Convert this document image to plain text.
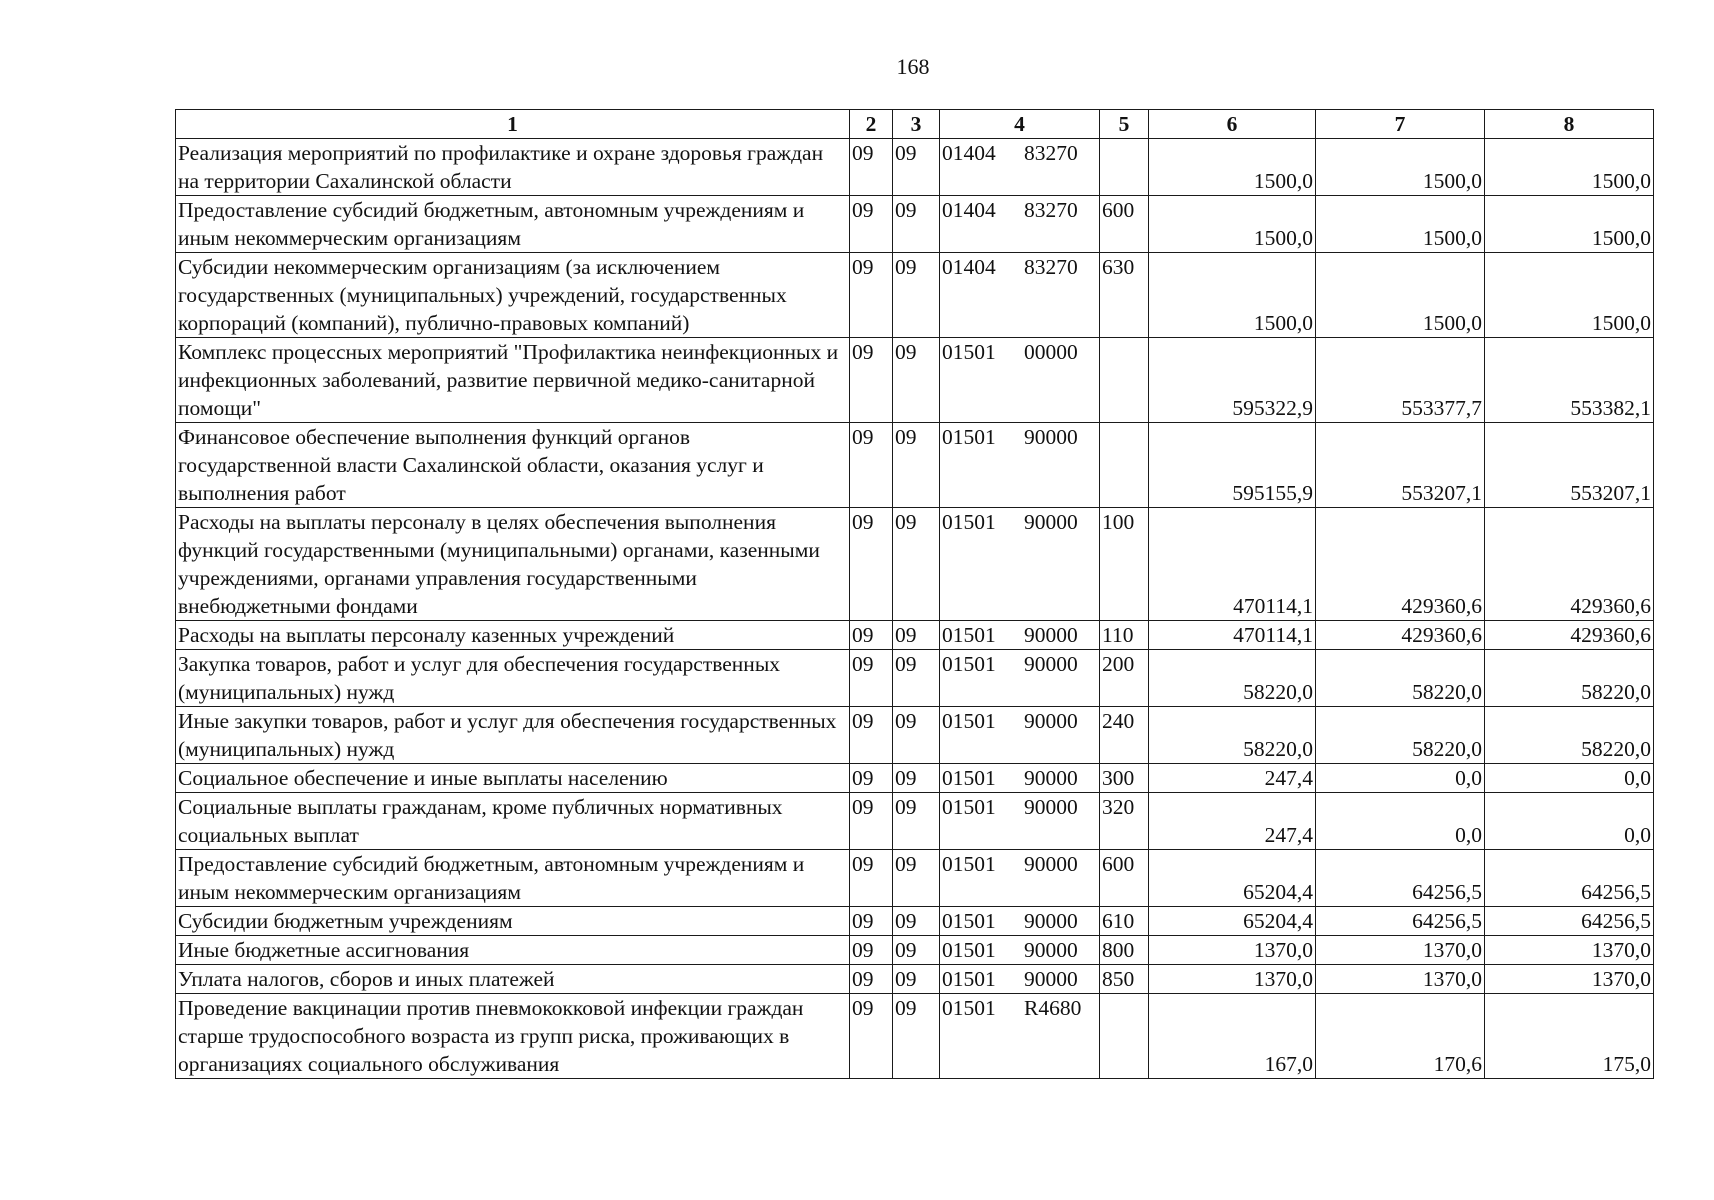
168
1	2	3	4	5	6	7	8
Реализация мероприятий по профилактике и охране здоровья граждан на территории Сахалинской области	09	09	01404 83270		1500,0	1500,0	1500,0
Предоставление субсидий бюджетным, автономным учреждениям и иным некоммерческим организациям	09	09	01404 83270	600	1500,0	1500,0	1500,0
Субсидии некоммерческим организациям (за исключением государственных (муниципальных) учреждений, государственных корпораций (компаний), публично-правовых компаний)	09	09	01404 83270	630	1500,0	1500,0	1500,0
Комплекс процессных мероприятий "Профилактика неинфекционных и инфекционных заболеваний, развитие первичной медико-санитарной помощи"	09	09	01501 00000		595322,9	553377,7	553382,1
Финансовое обеспечение выполнения функций органов государственной власти Сахалинской области, оказания услуг и выполнения работ	09	09	01501 90000		595155,9	553207,1	553207,1
Расходы на выплаты персоналу в целях обеспечения выполнения функций государственными (муниципальными) органами, казенными учреждениями, органами управления государственными внебюджетными фондами	09	09	01501 90000	100	470114,1	429360,6	429360,6
Расходы на выплаты персоналу казенных учреждений	09	09	01501 90000	110	470114,1	429360,6	429360,6
Закупка товаров, работ и услуг для обеспечения государственных (муниципальных) нужд	09	09	01501 90000	200	58220,0	58220,0	58220,0
Иные закупки товаров, работ и услуг для обеспечения государственных (муниципальных) нужд	09	09	01501 90000	240	58220,0	58220,0	58220,0
Социальное обеспечение и иные выплаты населению	09	09	01501 90000	300	247,4	0,0	0,0
Социальные выплаты гражданам, кроме публичных нормативных социальных выплат	09	09	01501 90000	320	247,4	0,0	0,0
Предоставление субсидий бюджетным, автономным учреждениям и иным некоммерческим организациям	09	09	01501 90000	600	65204,4	64256,5	64256,5
Субсидии бюджетным учреждениям	09	09	01501 90000	610	65204,4	64256,5	64256,5
Иные бюджетные ассигнования	09	09	01501 90000	800	1370,0	1370,0	1370,0
Уплата налогов, сборов и иных платежей	09	09	01501 90000	850	1370,0	1370,0	1370,0
Проведение вакцинации против пневмококковой инфекции граждан старше трудоспособного возраста из групп риска, проживающих в организациях социального обслуживания	09	09	01501 R4680		167,0	170,6	175,0
